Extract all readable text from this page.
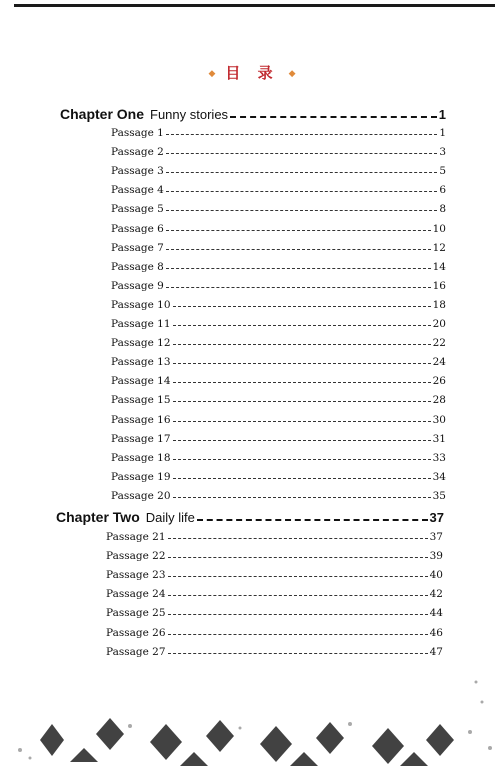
◆ 目 录 ◆
Chapter One Funny stories	1
Passage 1	1
Passage 2	3
Passage 3	5
Passage 4	6
Passage 5	8
Passage 6	10
Passage 7	12
Passage 8	14
Passage 9	16
Passage 10	18
Passage 11	20
Passage 12	22
Passage 13	24
Passage 14	26
Passage 15	28
Passage 16	30
Passage 17	31
Passage 18	33
Passage 19	34
Passage 20	35
Chapter Two Daily life	37
Passage 21	37
Passage 22	39
Passage 23	40
Passage 24	42
Passage 25	44
Passage 26	46
Passage 27	47
